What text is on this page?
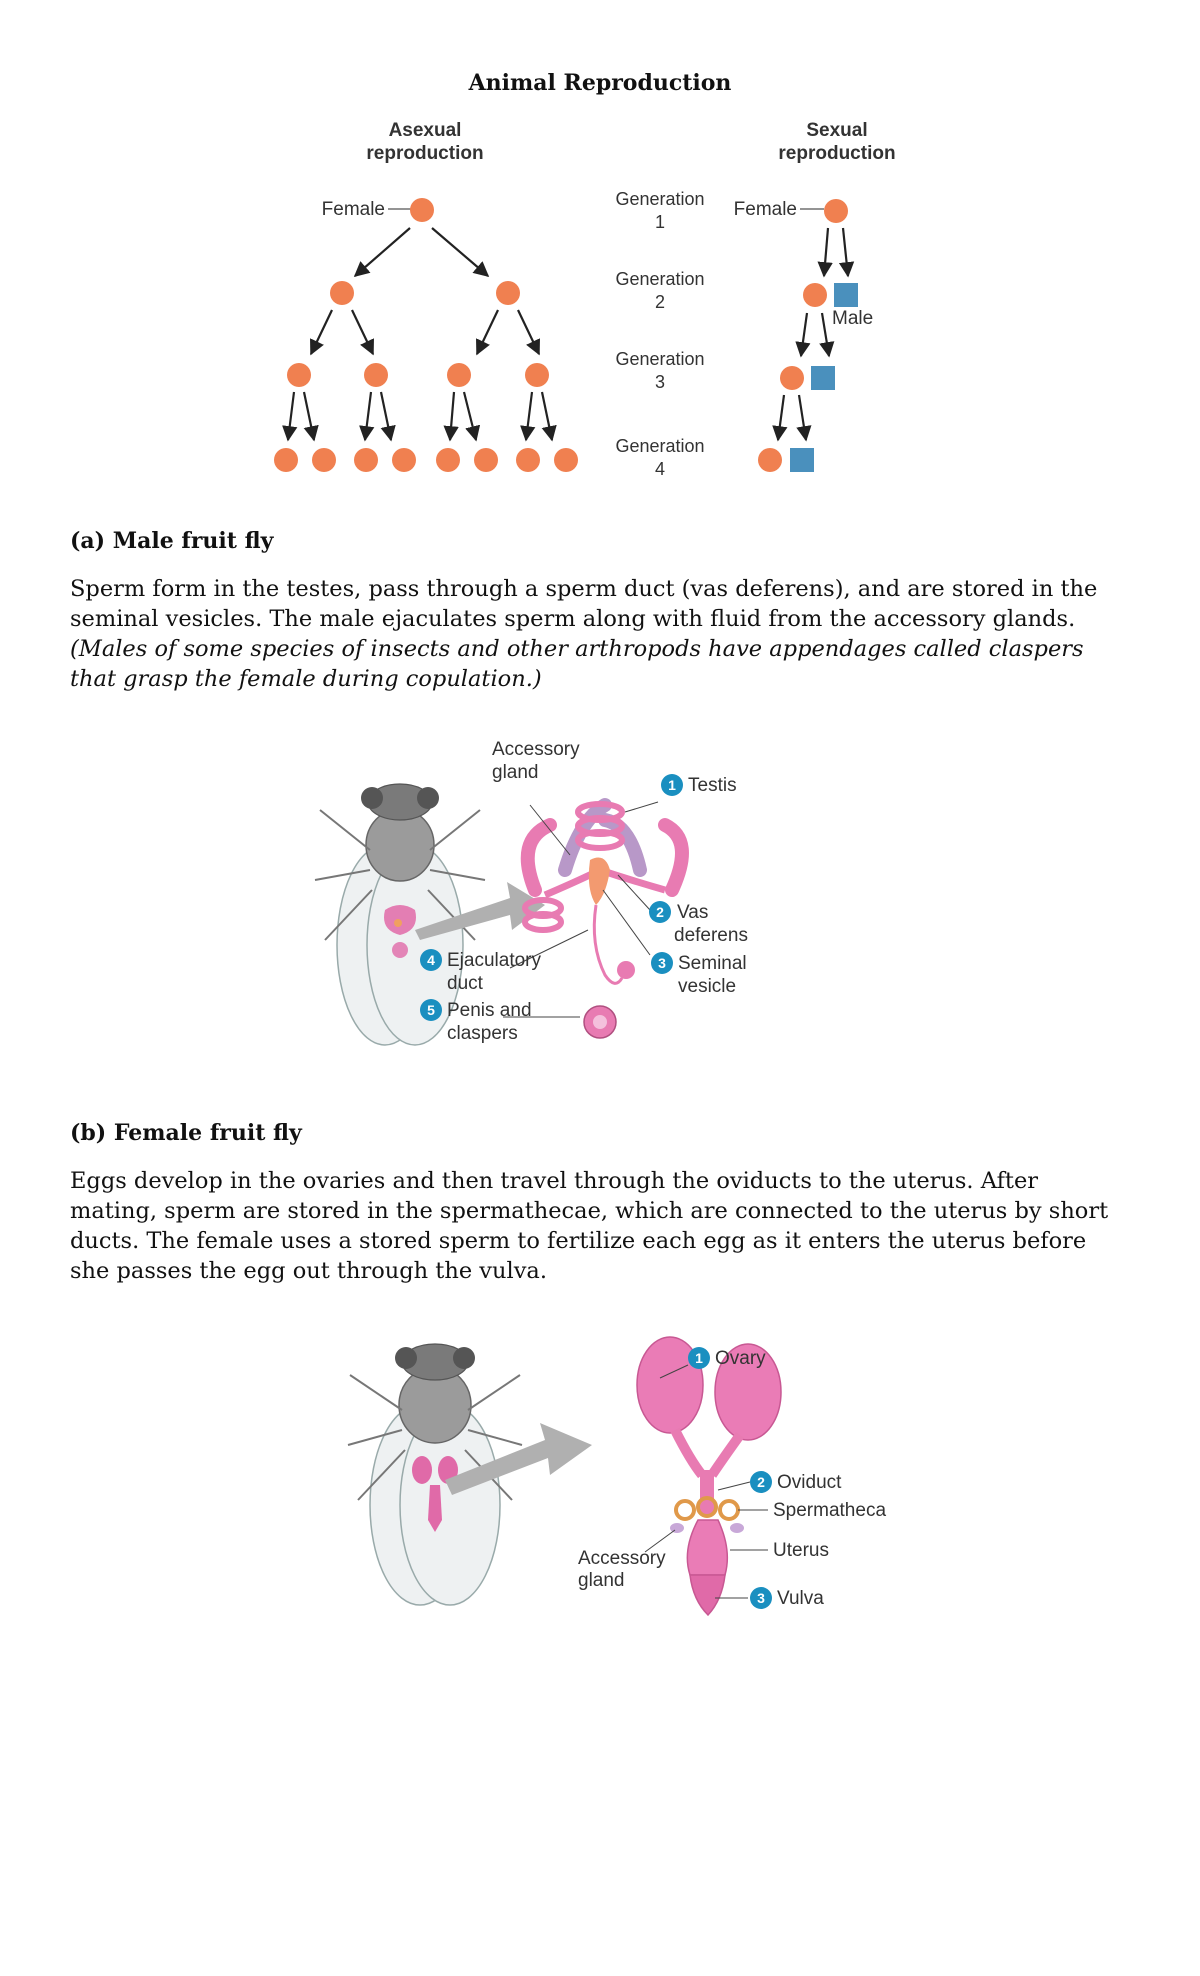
Animal Reproduction
Asexual
reproduction
Sexual
reproduction
Female	Generation
1
Generation
2
Generation
3
Generation
4
Female
Male
(a) Male fruit fly
Sperm form in the testes, pass through a sperm duct (vas deferens), and are stored in the seminal vesicles. The male ejaculates sperm along with fluid from the accessory glands. (Males of some species of insects and other arthropods have appendages called claspers that grasp the female during copulation.)
Accessory
gland
1 Testis
2 Vas
deferens
3 Seminal
vesicle
4 Ejaculatory
duct
5 Penis and
claspers
(b) Female fruit fly
Eggs develop in the ovaries and then travel through the oviducts to the uterus. After mating, sperm are stored in the spermathecae, which are connected to the uterus by short ducts. The female uses a stored sperm to fertilize each egg as it enters the uterus before she passes the egg out through the vulva.
1 Ovary
2 Oviduct
Spermatheca
Uterus
3 Vulva
Accessory
gland
